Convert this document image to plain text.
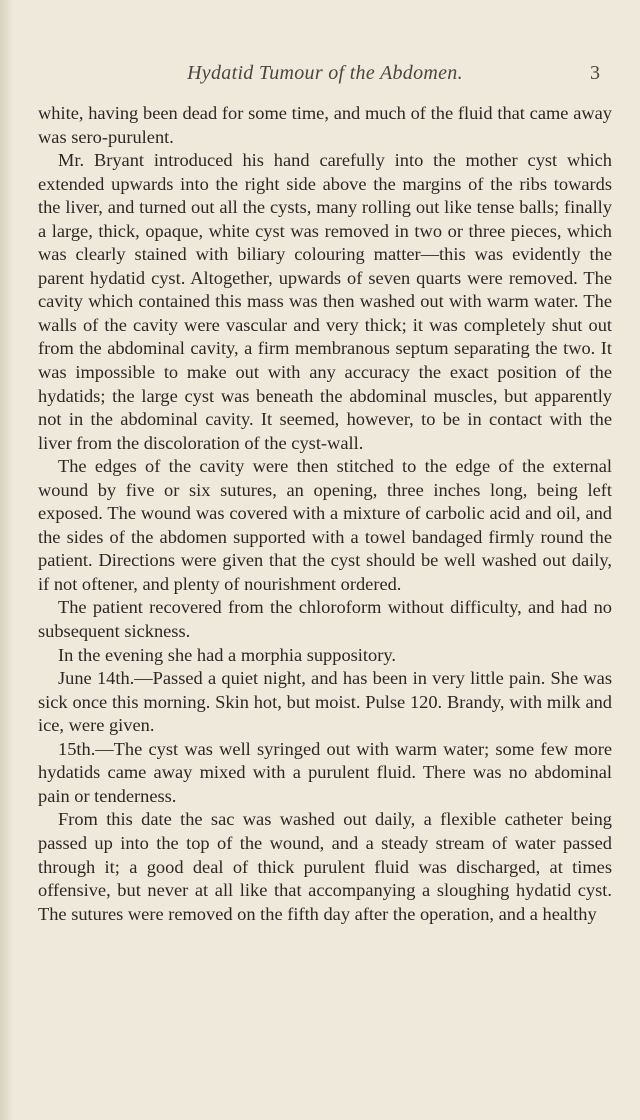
Hydatid Tumour of the Abdomen.	3

white, having been dead for some time, and much of the fluid that came away was sero-purulent.

Mr. Bryant introduced his hand carefully into the mother cyst which extended upwards into the right side above the margins of the ribs towards the liver, and turned out all the cysts, many rolling out like tense balls; finally a large, thick, opaque, white cyst was removed in two or three pieces, which was clearly stained with biliary colouring matter—this was evidently the parent hydatid cyst. Altogether, upwards of seven quarts were removed. The cavity which contained this mass was then washed out with warm water. The walls of the cavity were vascular and very thick; it was completely shut out from the abdominal cavity, a firm membranous septum separating the two. It was impossible to make out with any accuracy the exact position of the hydatids; the large cyst was beneath the abdominal muscles, but apparently not in the abdominal cavity. It seemed, however, to be in contact with the liver from the discoloration of the cyst-wall.

The edges of the cavity were then stitched to the edge of the external wound by five or six sutures, an opening, three inches long, being left exposed. The wound was covered with a mixture of carbolic acid and oil, and the sides of the abdomen supported with a towel bandaged firmly round the patient. Directions were given that the cyst should be well washed out daily, if not oftener, and plenty of nourishment ordered.

The patient recovered from the chloroform without difficulty, and had no subsequent sickness.

In the evening she had a morphia suppository.

June 14th.—Passed a quiet night, and has been in very little pain. She was sick once this morning. Skin hot, but moist. Pulse 120. Brandy, with milk and ice, were given.

15th.—The cyst was well syringed out with warm water; some few more hydatids came away mixed with a purulent fluid. There was no abdominal pain or tenderness.

From this date the sac was washed out daily, a flexible catheter being passed up into the top of the wound, and a steady stream of water passed through it; a good deal of thick purulent fluid was discharged, at times offensive, but never at all like that accompanying a sloughing hydatid cyst. The sutures were removed on the fifth day after the operation, and a healthy
